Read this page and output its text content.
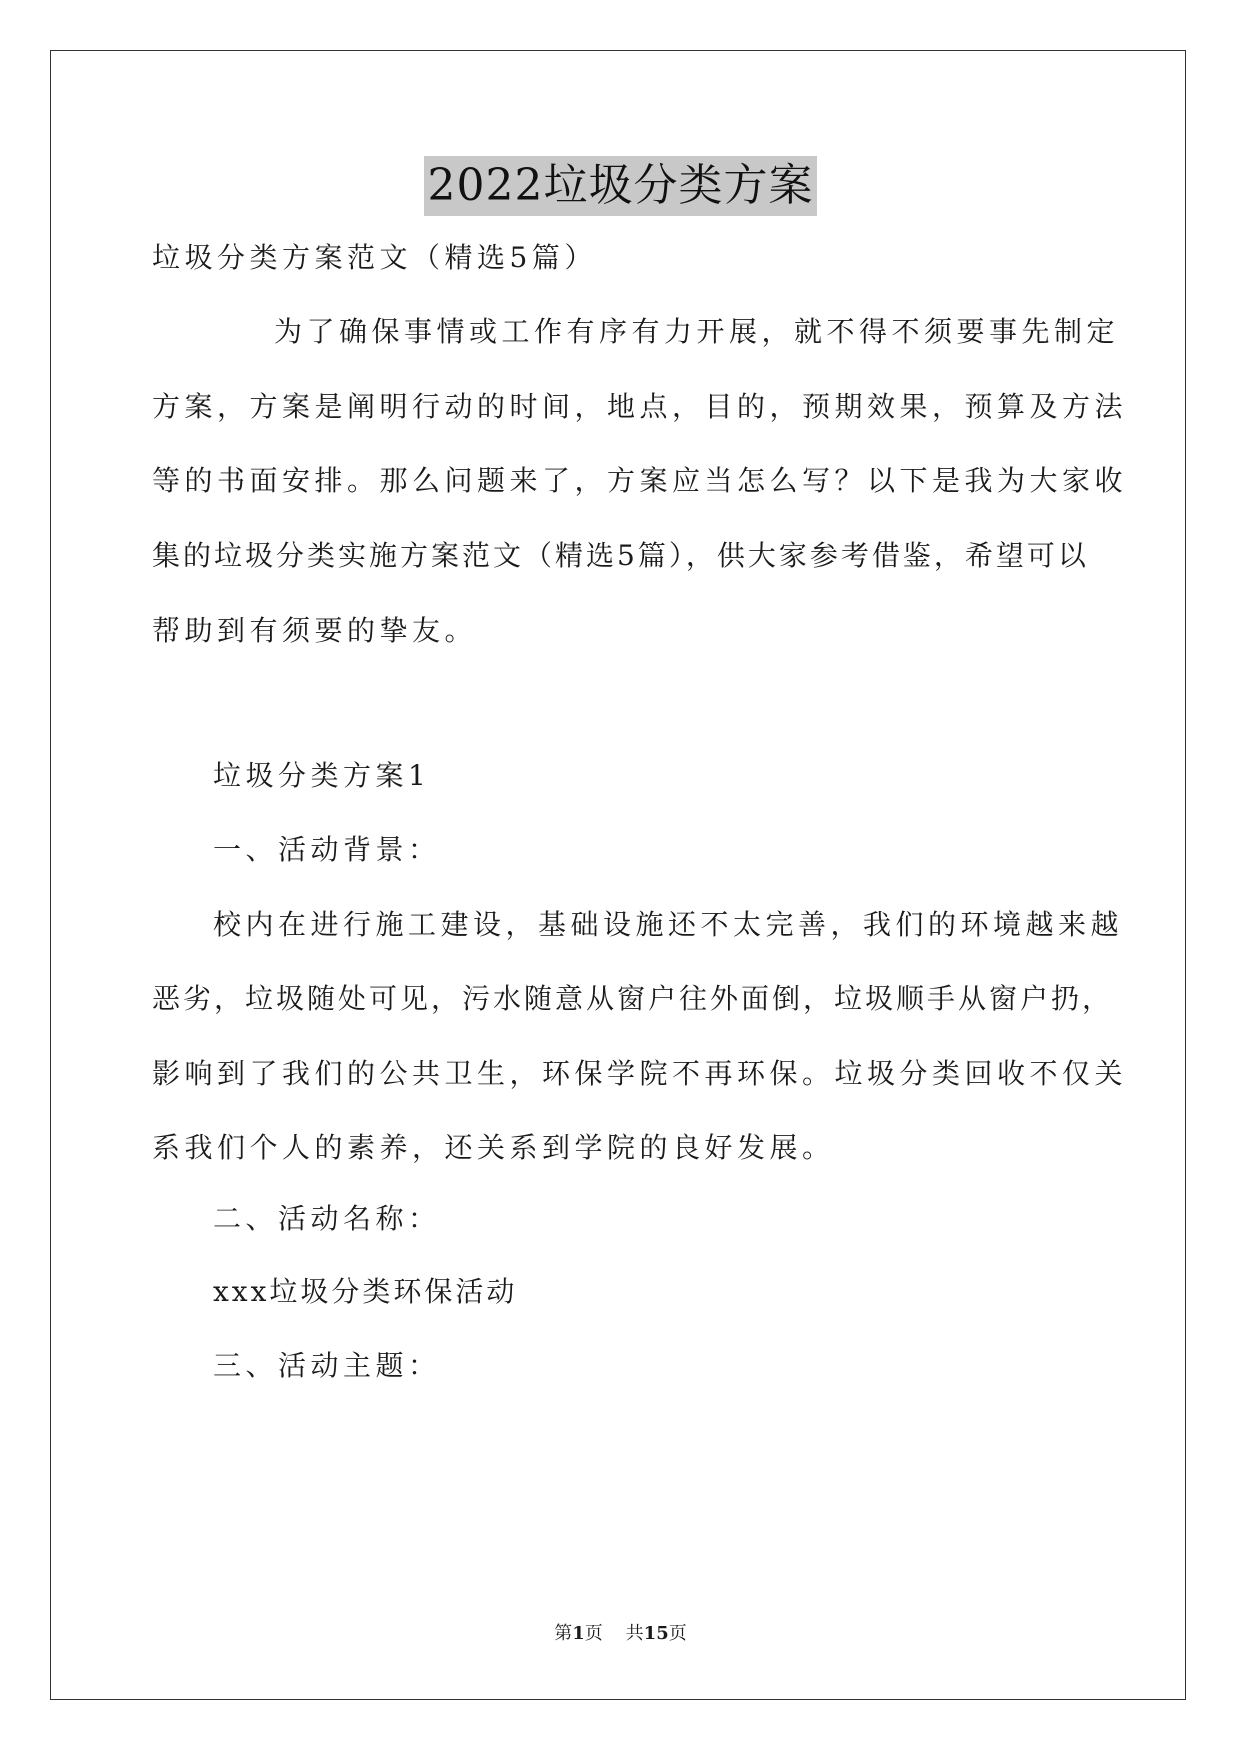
2022垃圾分类方案
垃圾分类方案范文（精选5篇）
为了确保事情或工作有序有力开展，就不得不须要事先制定
方案，方案是阐明行动的时间，地点，目的，预期效果，预算及方法
等的书面安排。那么问题来了，方案应当怎么写？以下是我为大家收
集的垃圾分类实施方案范文（精选5篇），供大家参考借鉴，希望可以
帮助到有须要的挚友。
垃圾分类方案1
一、活动背景：
校内在进行施工建设，基础设施还不太完善，我们的环境越来越
恶劣，垃圾随处可见，污水随意从窗户往外面倒，垃圾顺手从窗户扔，
影响到了我们的公共卫生，环保学院不再环保。垃圾分类回收不仅关
系我们个人的素养，还关系到学院的良好发展。
二、活动名称：
xxx垃圾分类环保活动
三、活动主题：
第1页 共15页
